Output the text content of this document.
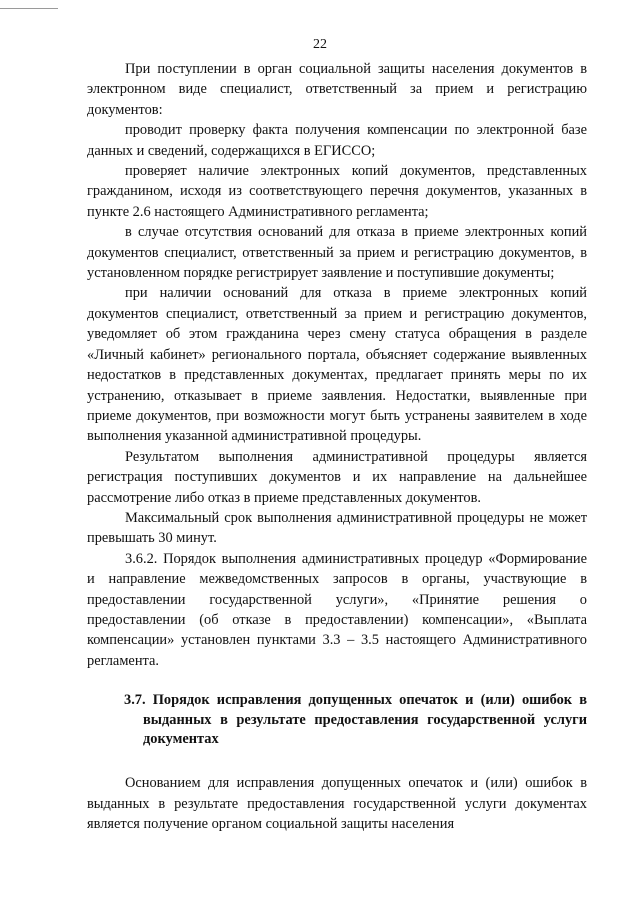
22

При поступлении в орган социальной защиты населения документов в электронном виде специалист, ответственный за прием и регистрацию документов:

проводит проверку факта получения компенсации по электронной базе данных и сведений, содержащихся в ЕГИССО;

проверяет наличие электронных копий документов, представленных гражданином, исходя из соответствующего перечня документов, указанных в пункте 2.6 настоящего Административного регламента;

в случае отсутствия оснований для отказа в приеме электронных копий документов специалист, ответственный за прием и регистрацию документов, в установленном порядке регистрирует заявление и поступившие документы;

при наличии оснований для отказа в приеме электронных копий документов специалист, ответственный за прием и регистрацию документов, уведомляет об этом гражданина через смену статуса обращения в разделе «Личный кабинет» регионального портала, объясняет содержание выявленных недостатков в представленных документах, предлагает принять меры по их устранению, отказывает в приеме заявления. Недостатки, выявленные при приеме документов, при возможности могут быть устранены заявителем в ходе выполнения указанной административной процедуры.

Результатом выполнения административной процедуры является регистрация поступивших документов и их направление на дальнейшее рассмотрение либо отказ в приеме представленных документов.

Максимальный срок выполнения административной процедуры не может превышать 30 минут.

3.6.2. Порядок выполнения административных процедур «Формирование и направление межведомственных запросов в органы, участвующие в предоставлении государственной услуги», «Принятие решения о предоставлении (об отказе в предоставлении) компенсации», «Выплата компенсации» установлен пунктами 3.3 – 3.5 настоящего Административного регламента.

3.7. Порядок исправления допущенных опечаток и (или) ошибок в выданных в результате предоставления государственной услуги документах

Основанием для исправления допущенных опечаток и (или) ошибок в выданных в результате предоставления государственной услуги документах является получение органом социальной защиты населения
